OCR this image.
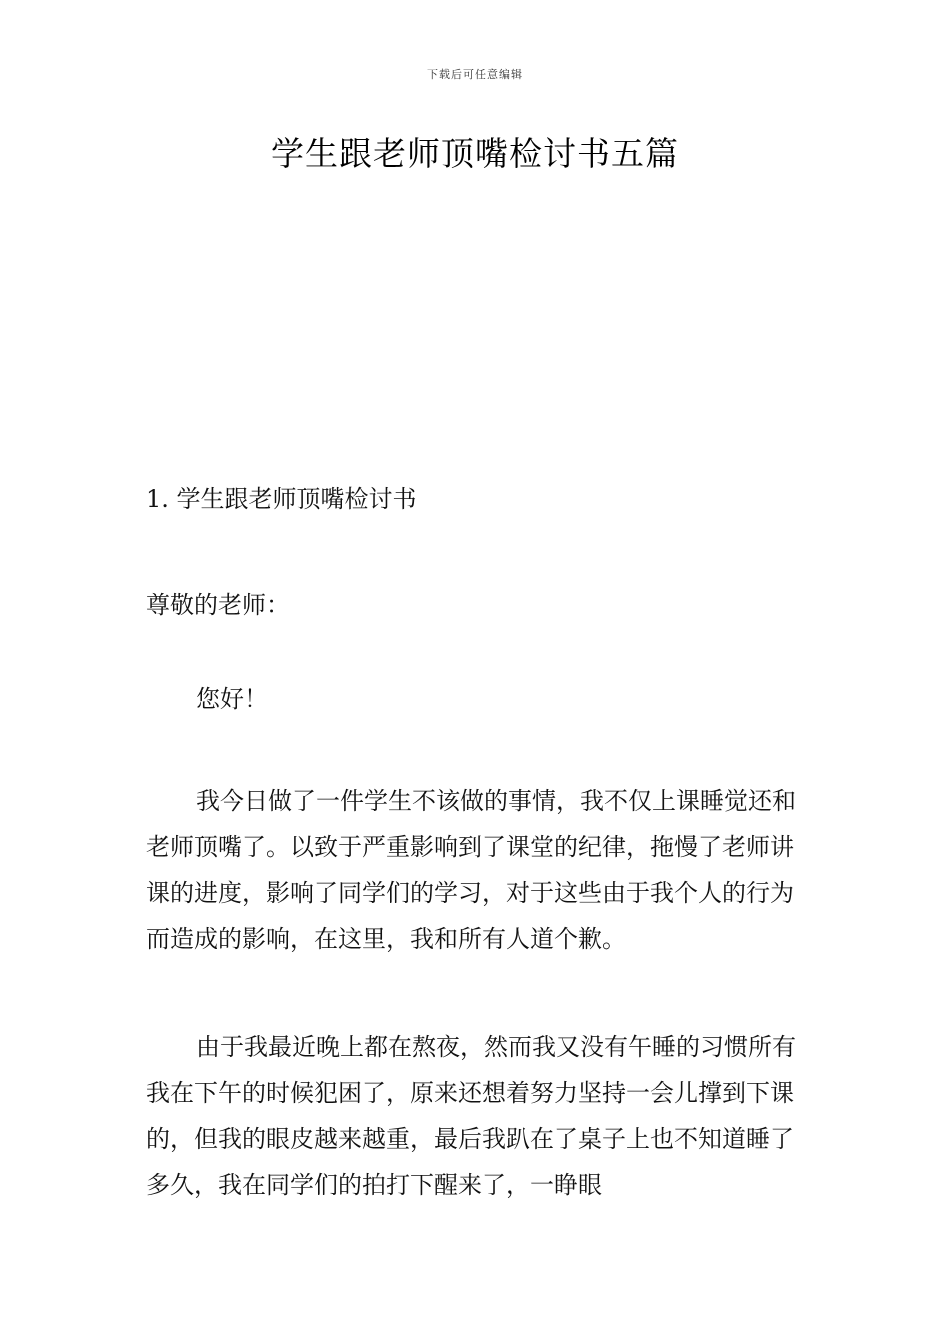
下载后可任意编辑
学生跟老师顶嘴检讨书五篇

1. 学生跟老师顶嘴检讨书

尊敬的老师：

您好！

我今日做了一件学生不该做的事情，我不仅上课睡觉还和老师顶嘴了。以致于严重影响到了课堂的纪律，拖慢了老师讲课的进度，影响了同学们的学习，对于这些由于我个人的行为而造成的影响，在这里，我和所有人道个歉。

由于我最近晚上都在熬夜，然而我又没有午睡的习惯所有我在下午的时候犯困了，原来还想着努力坚持一会儿撑到下课的，但我的眼皮越来越重，最后我趴在了桌子上也不知道睡了多久，我在同学们的拍打下醒来了，一睁眼
